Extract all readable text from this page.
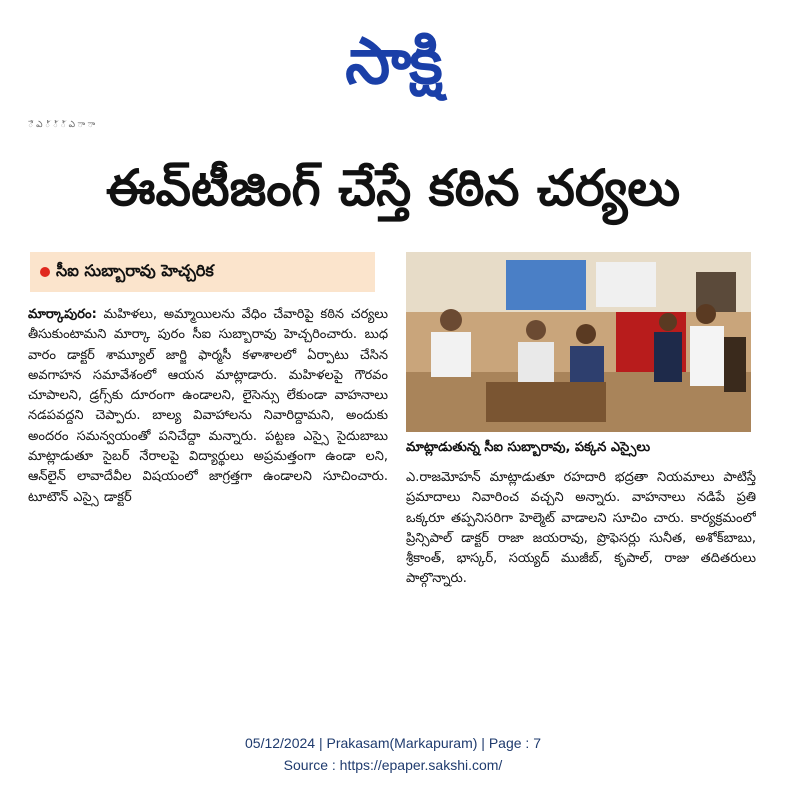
సాక్షి
ే ఎ ్ ్ ్ ఎ ా ా
ఈవ్‌టీజింగ్ చేస్తే కఠిన చర్యలు
సీఐ సుబ్బారావు హెచ్చరిక

మార్కాపురం: మహిళలు, అమ్మాయిలను వేధిం చేవారిపై కఠిన చర్యలు తీసుకుంటామని మార్కా పురం సీఐ సుబ్బారావు హెచ్చరించారు. బుధ వారం డాక్టర్ శామ్యూల్ జార్జి ఫార్మసీ కళాశాలలో ఏర్పాటు చేసిన అవగాహన సమావేశంలో ఆయన మాట్లాడారు. మహిళలపై గౌరవం చూపాలని, డ్రగ్స్‌కు దూరంగా ఉండాలని, లైసెన్సు లేకుండా వాహనాలు నడపవద్దని చెప్పారు. బాల్య వివాహాలను నివారిద్దామని, అందుకు అందరం సమన్వయంతో పనిచేద్దా మన్నారు. పట్టణ ఎస్సై సైదుబాబు మాట్లాడుతూ సైబర్ నేరాలపై విద్యార్థులు అప్రమత్తంగా ఉండా లని, ఆన్‌లైన్ లావాదేవీల విషయంలో జాగ్రత్తగా ఉండాలని సూచించారు. టూటౌన్ ఎస్సై డాక్టర్

మాట్లాడుతున్న సీఐ సుబ్బారావు, పక్కన ఎస్సైలు

ఎ.రాజమోహన్ మాట్లాడుతూ రహదారి భద్రతా నియమాలు పాటిస్తే ప్రమాదాలు నివారించ వచ్చని అన్నారు. వాహనాలు నడిపే ప్రతి ఒక్కరూ తప్పనిసరిగా హెల్మెట్ వాడాలని సూచిం చారు. కార్యక్రమంలో ప్రిన్సిపాల్ డాక్టర్ రాజా జయరావు, ప్రొఫెసర్లు సునీత, అశోక్‌బాబు, శ్రీకాంత్, భాస్కర్, సయ్యద్ ముజీబ్, కృపాల్, రాజు తదితరులు పాల్గొన్నారు.

05/12/2024 | Prakasam(Markapuram) | Page : 7
Source : https://epaper.sakshi.com/
